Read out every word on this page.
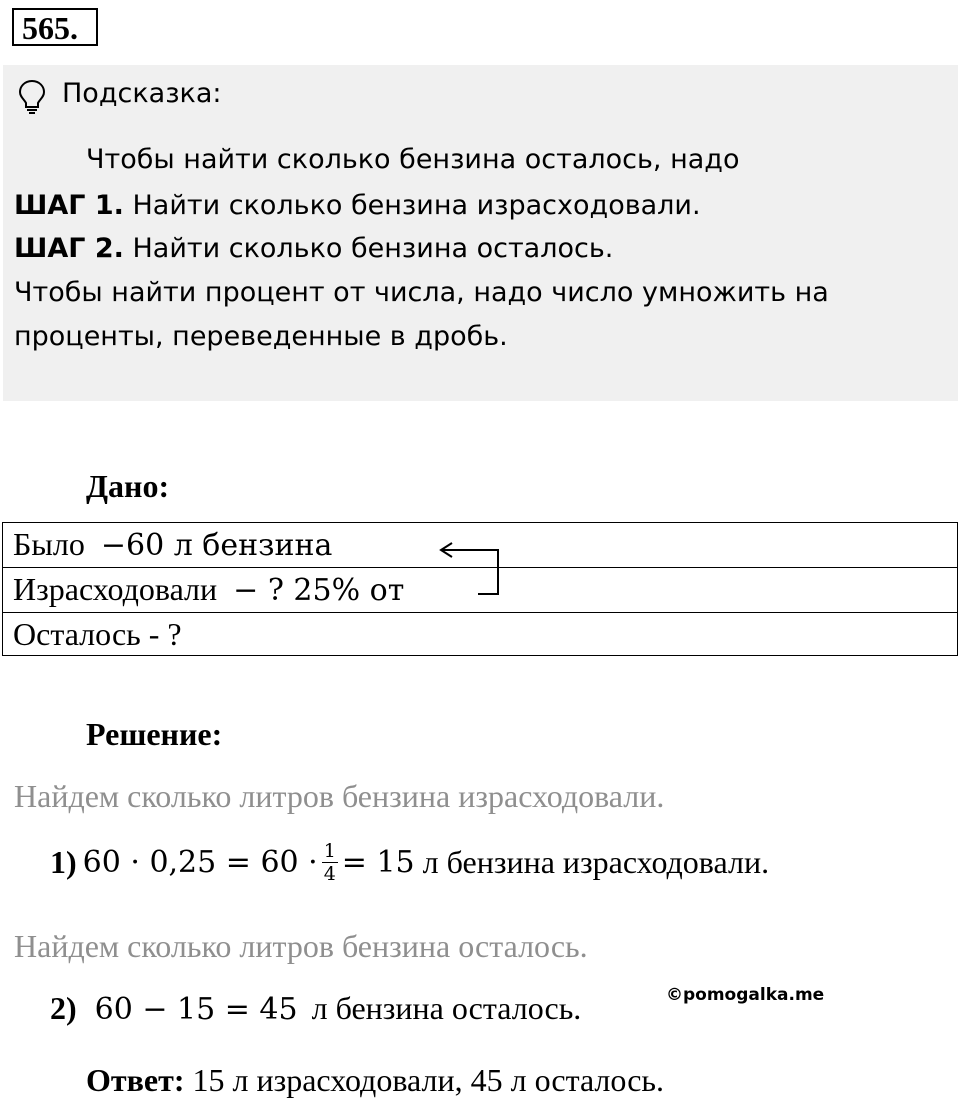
565.
Подсказка:
Чтобы найти сколько бензина осталось, надо
ШАГ 1. Найти сколько бензина израсходовали.
ШАГ 2. Найти сколько бензина осталось.
Чтобы найти процент от числа, надо число умножить на
проценты, переведенные в дробь.
Дано:
Было −60 л бензина
Израсходовали − ? 25% от
Осталось - ?
Решение:
Найдем сколько литров бензина израсходовали.
1) $60 \cdot 0,25 = 60 \cdot \frac{1}{4} = 15$ л бензина израсходовали.
Найдем сколько литров бензина осталось.
2) 60 − 15 = 45 л бензина осталось.	©pomogalka.me
Ответ: 15 л израсходовали, 45 л осталось.
